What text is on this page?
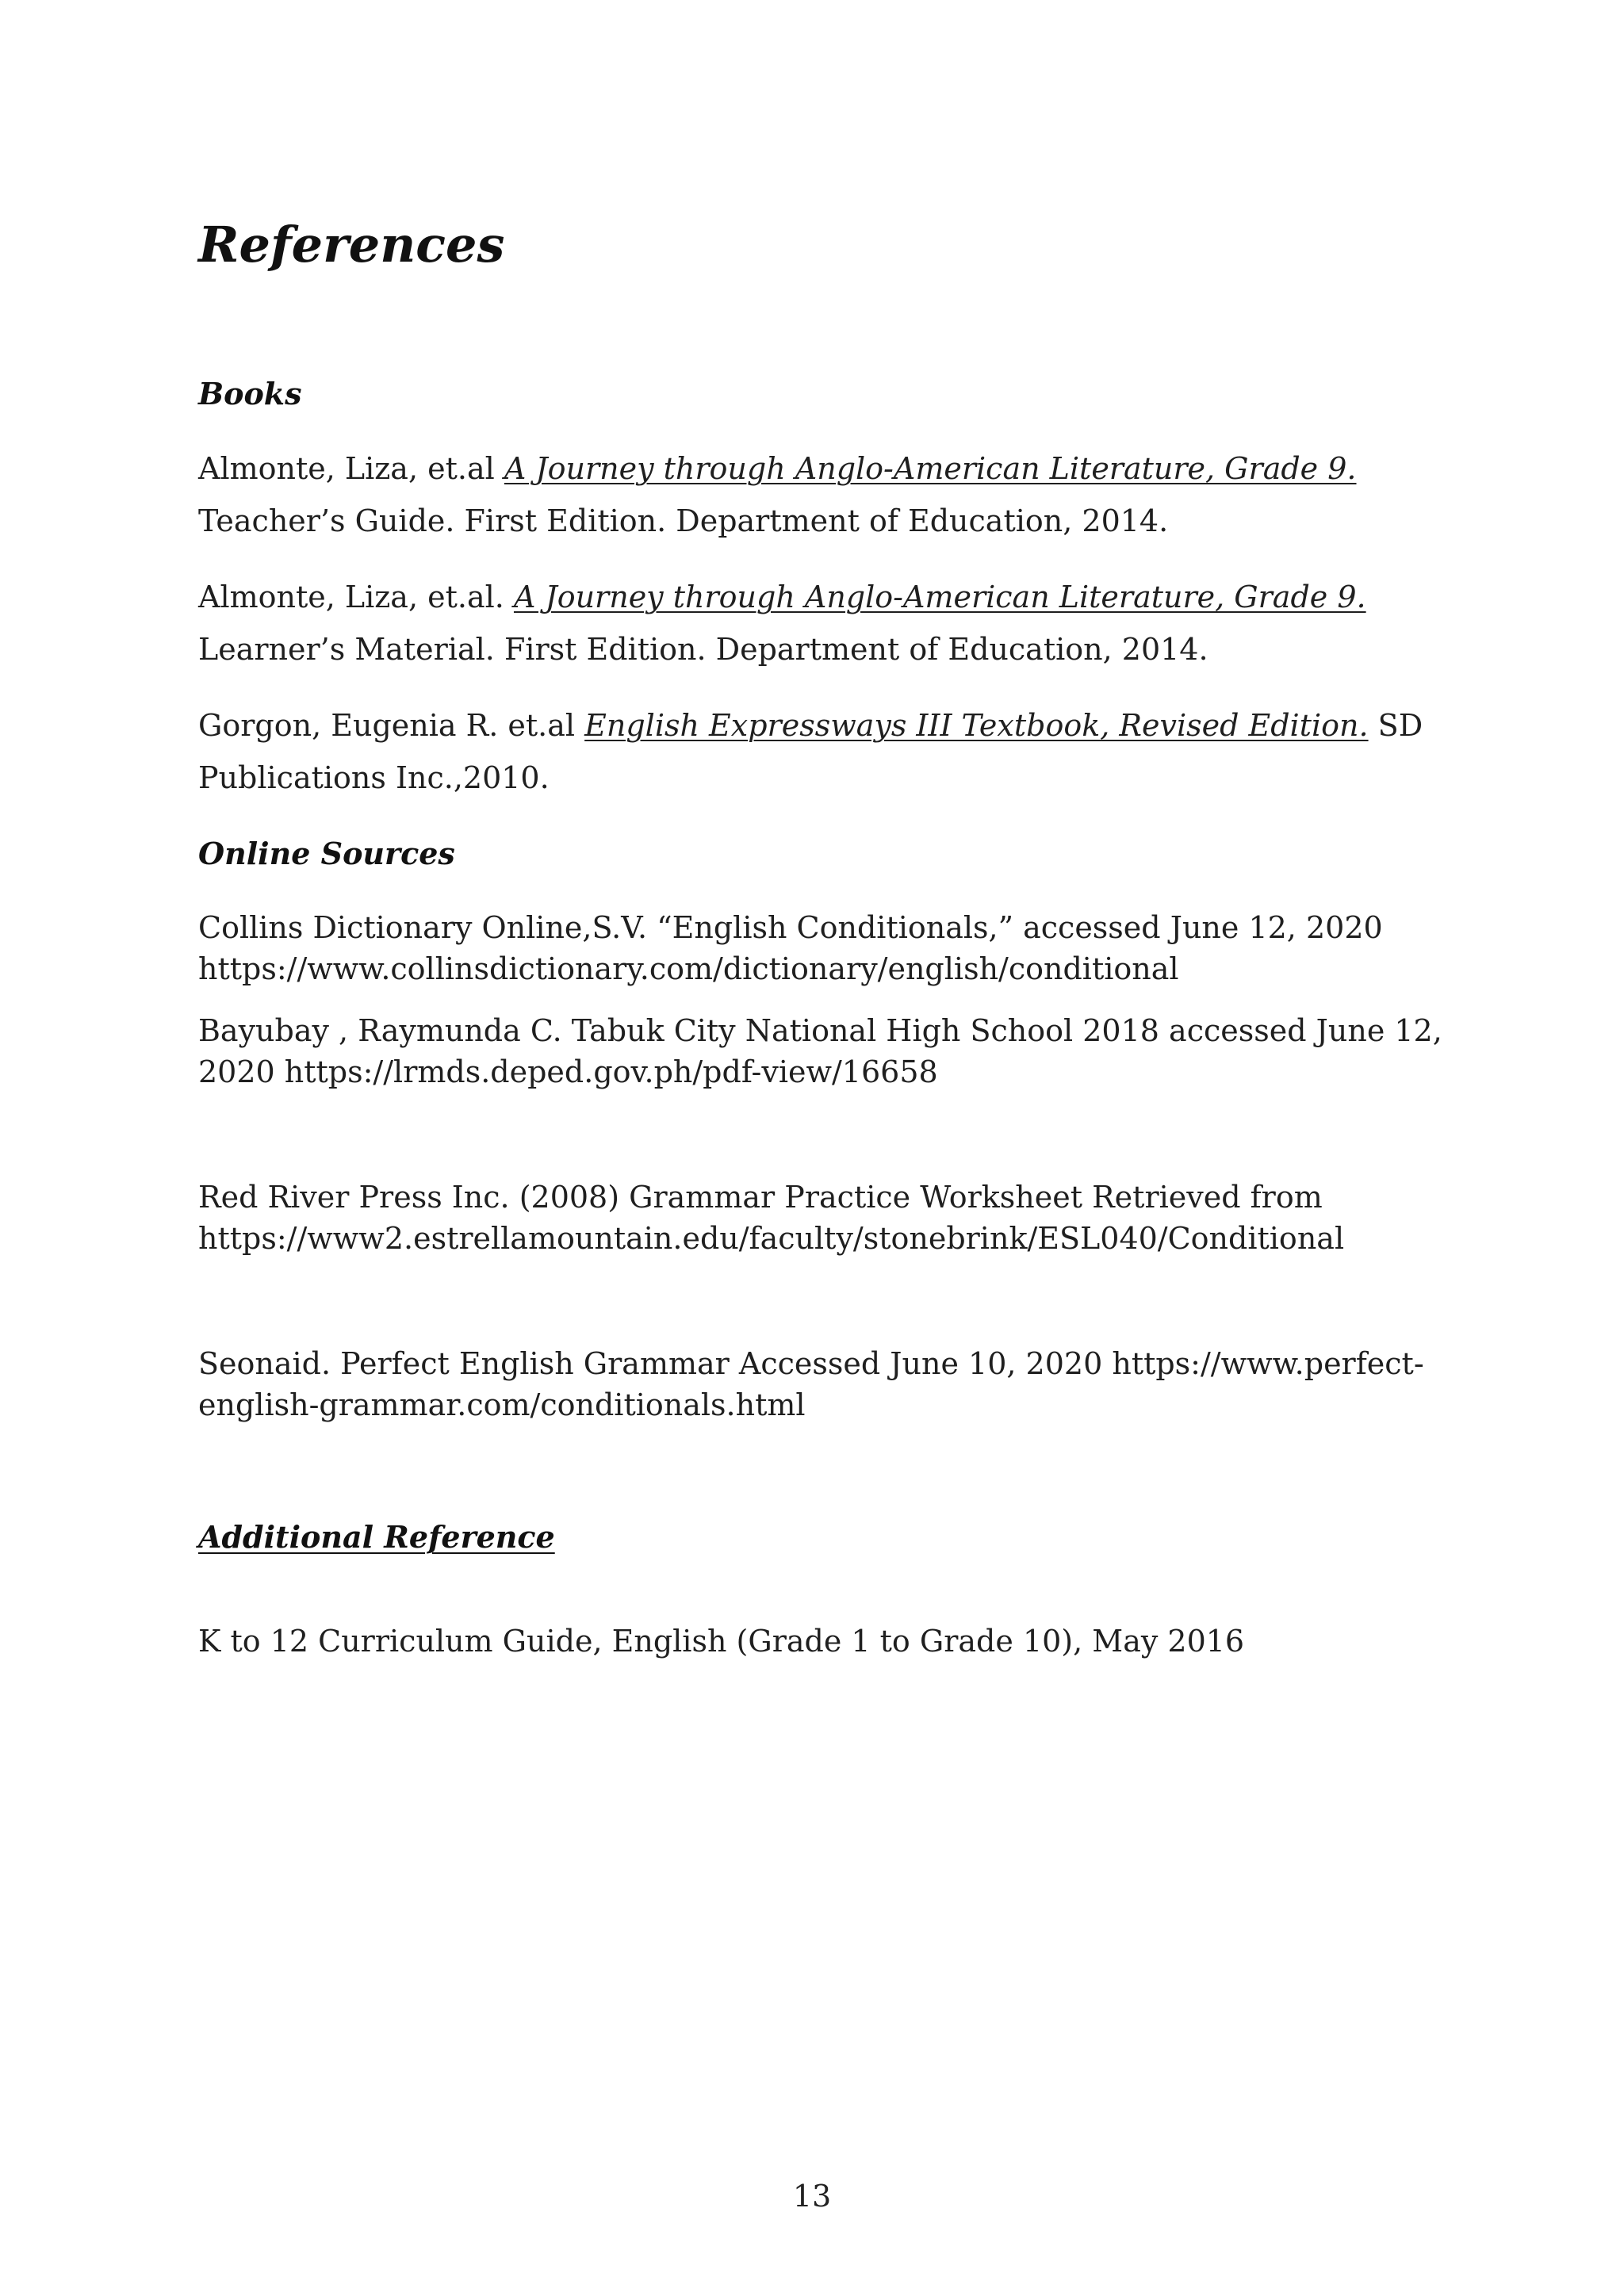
References
Books

Almonte, Liza, et.al A Journey through Anglo-American Literature, Grade 9.
Teacher’s Guide. First Edition. Department of Education, 2014.

Almonte, Liza, et.al. A Journey through Anglo-American Literature, Grade 9.
Learner’s Material. First Edition. Department of Education, 2014.

Gorgon, Eugenia R. et.al English Expressways III Textbook, Revised Edition. SD
Publications Inc.,2010.

Online Sources

Collins Dictionary Online,S.V. “English Conditionals,” accessed June 12, 2020
https://www.collinsdictionary.com/dictionary/english/conditional

Bayubay , Raymunda C. Tabuk City National High School 2018 accessed June 12,
2020 https://lrmds.deped.gov.ph/pdf-view/16658

Red River Press Inc. (2008) Grammar Practice Worksheet Retrieved from
https://www2.estrellamountain.edu/faculty/stonebrink/ESL040/Conditional

Seonaid. Perfect English Grammar Accessed June 10, 2020 https://www.perfect-
english-grammar.com/conditionals.html

Additional Reference

K to 12 Curriculum Guide, English (Grade 1 to Grade 10), May 2016

13
